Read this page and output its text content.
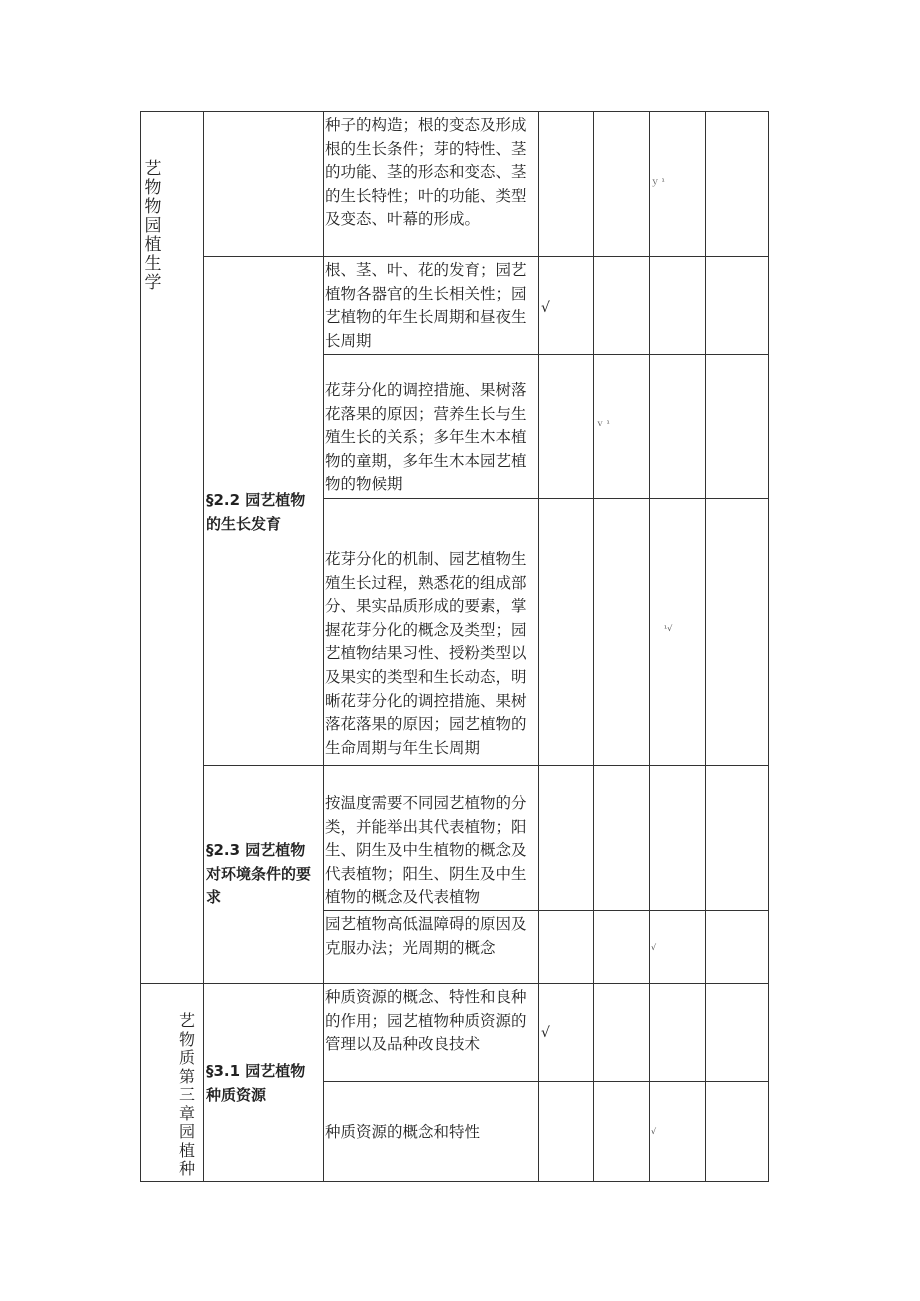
艺物物园植生学
艺物质第三章园植种
§2.2 园艺植物的生长发育
§2.3 园艺植物对环境条件的要求
§3.1 园艺植物种质资源
种子的构造；根的变态及形成根的生长条件；芽的特性、茎的功能、茎的形态和变态、茎的生长特性；叶的功能、类型及变态、叶幕的形成。
根、茎、叶、花的发育；园艺植物各器官的生长相关性；园艺植物的年生长周期和昼夜生长周期
花芽分化的调控措施、果树落花落果的原因；营养生长与生殖生长的关系；多年生木本植物的童期，多年生木本园艺植物的物候期
花芽分化的机制、园艺植物生殖生长过程，熟悉花的组成部分、果实品质形成的要素，掌握花芽分化的概念及类型；园艺植物结果习性、授粉类型以及果实的类型和生长动态，明晰花芽分化的调控措施、果树落花落果的原因；园艺植物的生命周期与年生长周期
按温度需要不同园艺植物的分类，并能举出其代表植物；阳生、阴生及中生植物的概念及代表植物；阳生、阴生及中生植物的概念及代表植物
园艺植物高低温障碍的原因及克服办法；光周期的概念
种质资源的概念、特性和良种的作用；园艺植物种质资源的管理以及品种改良技术
种质资源的概念和特性
ｙ ¹
√
ｖ ¹
¹√
√
√
√
